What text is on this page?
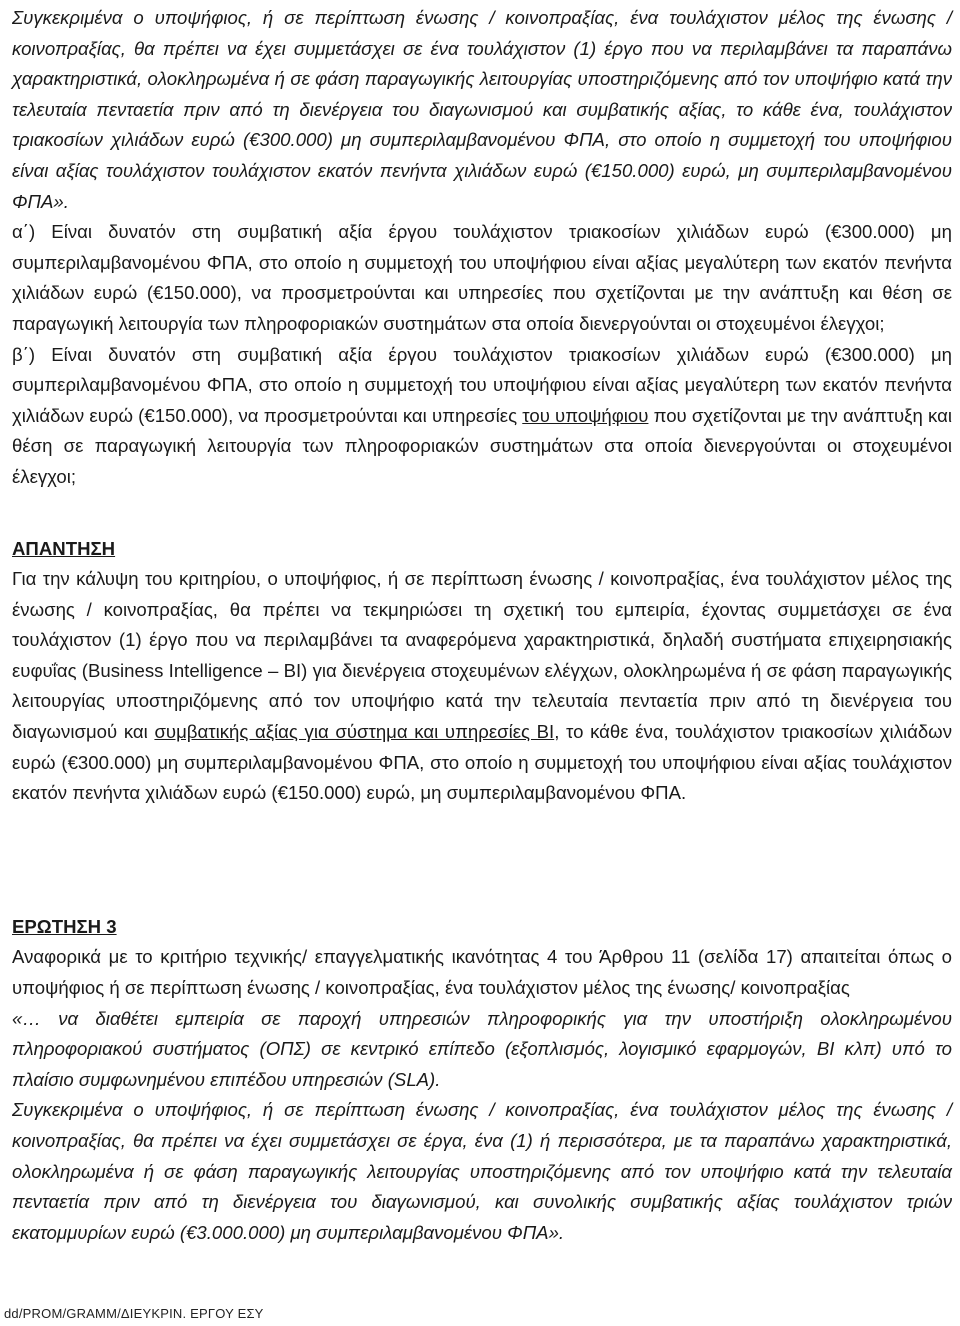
Συγκεκριμένα ο υποψήφιος, ή σε περίπτωση ένωσης / κοινοπραξίας, ένα τουλάχιστον μέλος της ένωσης / κοινοπραξίας, θα πρέπει να έχει συμμετάσχει σε ένα τουλάχιστον (1) έργο που να περιλαμβάνει τα παραπάνω χαρακτηριστικά, ολοκληρωμένα ή σε φάση παραγωγικής λειτουργίας υποστηριζόμενης από τον υποψήφιο κατά την τελευταία πενταετία πριν από τη διενέργεια του διαγωνισμού και συμβατικής αξίας, το κάθε ένα, τουλάχιστον τριακοσίων χιλιάδων ευρώ (€300.000) μη συμπεριλαμβανομένου ΦΠΑ, στο οποίο η συμμετοχή του υποψήφιου είναι αξίας τουλάχιστον τουλάχιστον εκατόν πενήντα χιλιάδων ευρώ (€150.000) ευρώ, μη συμπεριλαμβανομένου ΦΠΑ».

α΄) Είναι δυνατόν στη συμβατική αξία έργου τουλάχιστον τριακοσίων χιλιάδων ευρώ (€300.000) μη συμπεριλαμβανομένου ΦΠΑ, στο οποίο η συμμετοχή του υποψήφιου είναι αξίας μεγαλύτερη των εκατόν πενήντα χιλιάδων ευρώ (€150.000), να προσμετρούνται και υπηρεσίες που σχετίζονται με την ανάπτυξη και θέση σε παραγωγική λειτουργία των πληροφοριακών συστημάτων στα οποία διενεργούνται οι στοχευμένοι έλεγχοι;

β΄) Είναι δυνατόν στη συμβατική αξία έργου τουλάχιστον τριακοσίων χιλιάδων ευρώ (€300.000) μη συμπεριλαμβανομένου ΦΠΑ, στο οποίο η συμμετοχή του υποψήφιου είναι αξίας μεγαλύτερη των εκατόν πενήντα χιλιάδων ευρώ (€150.000), να προσμετρούνται και υπηρεσίες του υποψήφιου που σχετίζονται με την ανάπτυξη και θέση σε παραγωγική λειτουργία των πληροφοριακών συστημάτων στα οποία διενεργούνται οι στοχευμένοι έλεγχοι;

ΑΠΑΝΤΗΣΗ

Για την κάλυψη του κριτηρίου, ο υποψήφιος, ή σε περίπτωση ένωσης / κοινοπραξίας, ένα τουλάχιστον μέλος της ένωσης / κοινοπραξίας, θα πρέπει να τεκμηριώσει τη σχετική του εμπειρία, έχοντας συμμετάσχει σε ένα τουλάχιστον (1) έργο που να περιλαμβάνει τα αναφερόμενα χαρακτηριστικά, δηλαδή συστήματα επιχειρησιακής ευφυΐας (Business Intelligence – BI) για διενέργεια στοχευμένων ελέγχων, ολοκληρωμένα ή σε φάση παραγωγικής λειτουργίας υποστηριζόμενης από τον υποψήφιο κατά την τελευταία πενταετία πριν από τη διενέργεια του διαγωνισμού και συμβατικής αξίας για σύστημα και υπηρεσίες BI, το κάθε ένα, τουλάχιστον τριακοσίων χιλιάδων ευρώ (€300.000) μη συμπεριλαμβανομένου ΦΠΑ, στο οποίο η συμμετοχή του υποψήφιου είναι αξίας τουλάχιστον εκατόν πενήντα χιλιάδων ευρώ (€150.000) ευρώ, μη συμπεριλαμβανομένου ΦΠΑ.

ΕΡΩΤΗΣΗ 3

Αναφορικά με το κριτήριο τεχνικής/ επαγγελματικής ικανότητας 4 του Άρθρου 11 (σελίδα 17) απαιτείται όπως ο υποψήφιος ή σε περίπτωση ένωσης / κοινοπραξίας, ένα τουλάχιστον μέλος της ένωσης/ κοινοπραξίας

«… να διαθέτει εμπειρία σε παροχή υπηρεσιών πληροφορικής για την υποστήριξη ολοκληρωμένου πληροφοριακού συστήματος (ΟΠΣ) σε κεντρικό επίπεδο (εξοπλισμός, λογισμικό εφαρμογών, BI κλπ) υπό το πλαίσιο συμφωνημένου επιπέδου υπηρεσιών (SLA).

Συγκεκριμένα ο υποψήφιος, ή σε περίπτωση ένωσης / κοινοπραξίας, ένα τουλάχιστον μέλος της ένωσης / κοινοπραξίας, θα πρέπει να έχει συμμετάσχει σε έργα, ένα (1) ή περισσότερα, με τα παραπάνω χαρακτηριστικά, ολοκληρωμένα ή σε φάση παραγωγικής λειτουργίας υποστηριζόμενης από τον υποψήφιο κατά την τελευταία πενταετία πριν από τη διενέργεια του διαγωνισμού, και συνολικής συμβατικής αξίας τουλάχιστον τριών εκατομμυρίων ευρώ (€3.000.000) μη συμπεριλαμβανομένου ΦΠΑ».

dd/PROM/GRAMM/ΔΙΕΥΚΡΙΝ. ΕΡΓΟΥ ΕΣΥ
